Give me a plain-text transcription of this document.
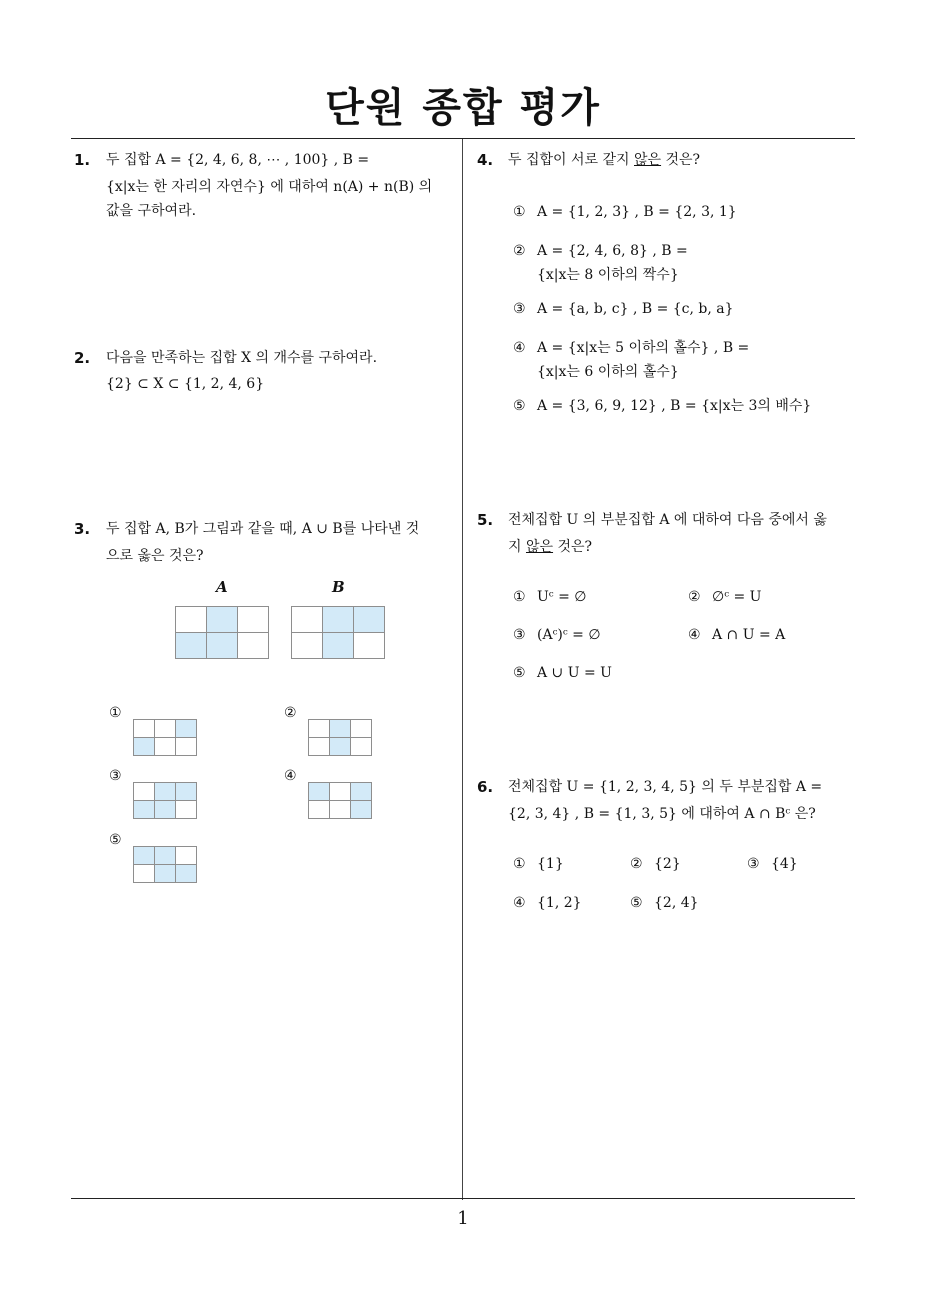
단원 종합 평가
1
1. 두 집합 A = {2, 4, 6, 8, ⋯ , 100} , B =
{x|x는 한 자리의 자연수} 에 대하여 n(A) + n(B) 의
값을 구하여라.
2. 다음을 만족하는 집합 X 의 개수를 구하여라.
{2} ⊂ X ⊂ {1, 2, 4, 6}
3. 두 집합 A, B가 그림과 같을 때, A ∪ B를 나타낸 것
으로 옳은 것은?
A	B
①	②
③	④
⑤
4. 두 집합이 서로 같지 않은 것은?
① A = {1, 2, 3} , B = {2, 3, 1}
② A = {2, 4, 6, 8} , B =
{x|x는 8 이하의 짝수}
③ A = {a, b, c} , B = {c, b, a}
④ A = {x|x는 5 이하의 홀수} , B =
{x|x는 6 이하의 홀수}
⑤ A = {3, 6, 9, 12} , B = {x|x는 3의 배수}
5. 전체집합 U 의 부분집합 A 에 대하여 다음 중에서 옳
지 않은 것은?
① Uᶜ = ∅	② ∅ᶜ = U
③ (Aᶜ)ᶜ = ∅	④ A ∩ U = A
⑤ A ∪ U = U
6. 전체집합 U = {1, 2, 3, 4, 5} 의 두 부분집합 A =
{2, 3, 4} , B = {1, 3, 5} 에 대하여 A ∩ Bᶜ 은?
① {1}	② {2}	③ {4}
④ {1, 2}	⑤ {2, 4}
